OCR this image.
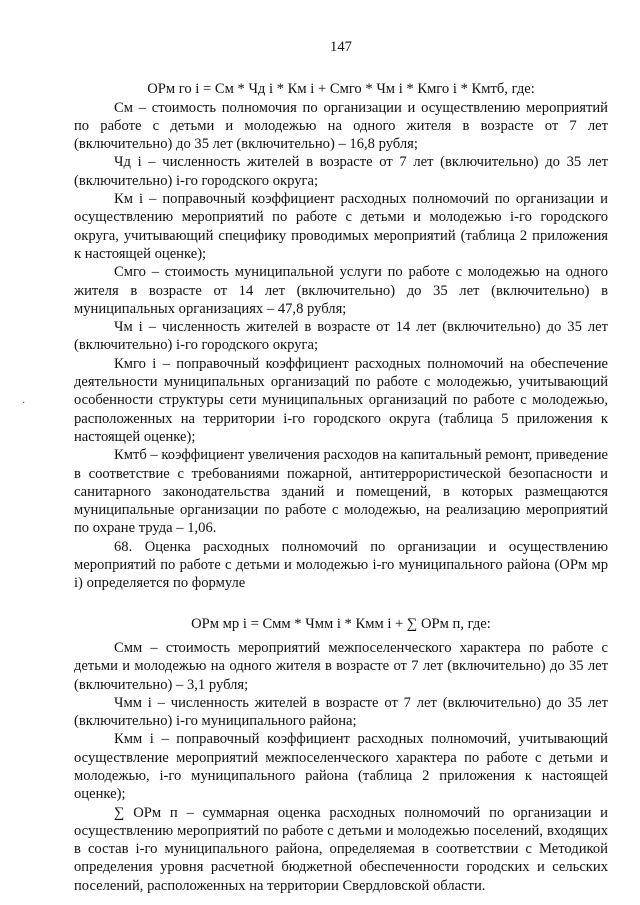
·
147

ОРм го i = См * Чд i * Км i + Смго * Чм i * Кмго i * Кмтб, где:

См – стоимость полномочия по организации и осуществлению мероприятий по работе с детьми и молодежью на одного жителя в возрасте от 7 лет (включительно) до 35 лет (включительно) – 16,8 рубля;

Чд i – численность жителей в возрасте от 7 лет (включительно) до 35 лет (включительно) i-го городского округа;

Км i – поправочный коэффициент расходных полномочий по организации и осуществлению мероприятий по работе с детьми и молодежью i-го городского округа, учитывающий специфику проводимых мероприятий (таблица 2 приложения к настоящей оценке);

Смго – стоимость муниципальной услуги по работе с молодежью на одного жителя в возрасте от 14 лет (включительно) до 35 лет (включительно) в муниципальных организациях – 47,8 рубля;

Чм i – численность жителей в возрасте от 14 лет (включительно) до 35 лет (включительно) i-го городского округа;

Кмго i – поправочный коэффициент расходных полномочий на обеспечение деятельности муниципальных организаций по работе с молодежью, учитывающий особенности структуры сети муниципальных организаций по работе с молодежью, расположенных на территории i-го городского округа (таблица 5 приложения к настоящей оценке);

Кмтб – коэффициент увеличения расходов на капитальный ремонт, приведение в соответствие с требованиями пожарной, антитеррористической безопасности и санитарного законодательства зданий и помещений, в которых размещаются муниципальные организации по работе с молодежью, на реализацию мероприятий по охране труда – 1,06.

68. Оценка расходных полномочий по организации и осуществлению мероприятий по работе с детьми и молодежью i-го муниципального района (ОРм мр i) определяется по формуле

ОРм мр i = Смм * Чмм i * Кмм i + ∑ ОРм п, где:

Смм – стоимость мероприятий межпоселенческого характера по работе с детьми и молодежью на одного жителя в возрасте от 7 лет (включительно) до 35 лет (включительно) – 3,1 рубля;

Чмм i – численность жителей в возрасте от 7 лет (включительно) до 35 лет (включительно) i-го муниципального района;

Кмм i – поправочный коэффициент расходных полномочий, учитывающий осуществление мероприятий межпоселенческого характера по работе с детьми и молодежью, i-го муниципального района (таблица 2 приложения к настоящей оценке);

∑ ОРм п – суммарная оценка расходных полномочий по организации и осуществлению мероприятий по работе с детьми и молодежью поселений, входящих в состав i-го муниципального района, определяемая в соответствии с Методикой определения уровня расчетной бюджетной обеспеченности городских и сельских поселений, расположенных на территории Свердловской области.
